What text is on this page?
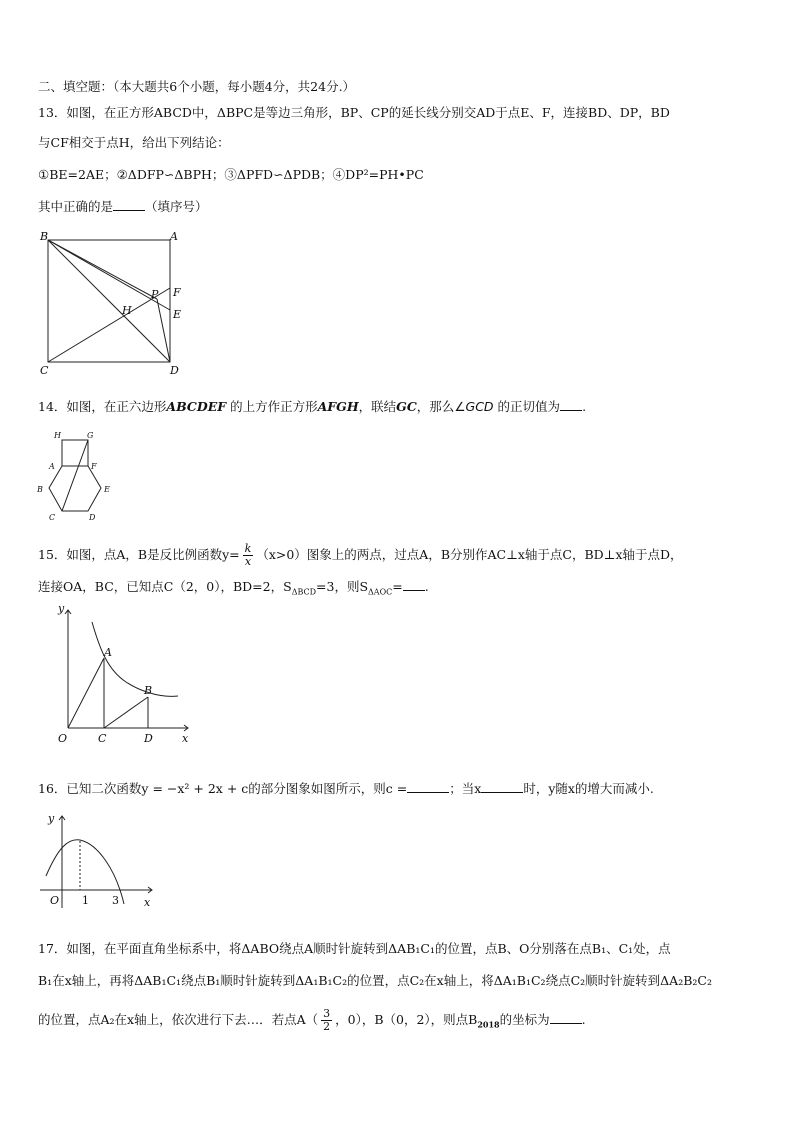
二、填空题：（本大题共6个小题，每小题4分，共24分.）
13．如图，在正方形ABCD中，ΔBPC是等边三角形，BP、CP的延长线分别交AD于点E、F，连接BD、DP，BD
与CF相交于点H，给出下列结论：
①BE=2AE；②ΔDFP∽ΔBPH；③ΔPFD∽ΔPDB；④DP²=PH•PC
其中正确的是	（填序号）
B	A
C	D
P F
E
H
14．如图，在正六边形ABCDEF 的上方作正方形AFGH，联结GC，那么∠GCD 的正切值为 .
H	G
A	F
B	E
C	D
15．如图，点A，B是反比例函数$y= \frac{k}{x} (x>0)$图象上的两点，过点A，B分别作AC⊥x轴于点C，BD⊥x轴于点D，
连接OA，BC，已知点C（2，0），BD=2，$S_{\Delta BCD}=3$，则$S_{\Delta AOC}=$ .
y
A
B
O	C	D	x
16．已知二次函数y = −x² + 2x + c的部分图象如图所示，则c =	；当x	时，y随x的增大而减小.
y
O 1 3 x
17．如图，在平面直角坐标系中，将ΔABO绕点A顺时针旋转到ΔAB₁C₁的位置，点B、O分别落在点B₁、C₁处，点
B₁在x轴上，再将ΔAB₁C₁绕点B₁顺时针旋转到ΔA₁B₁C₂的位置，点C₂在x轴上，将ΔA₁B₁C₂绕点C₂顺时针旋转到ΔA₂B₂C₂
的位置，点A₂在x轴上，依次进行下去…．若点$A( \frac{3}{2}$ ，0），B（0，2），则点$B_{2018}$的坐标为	.
